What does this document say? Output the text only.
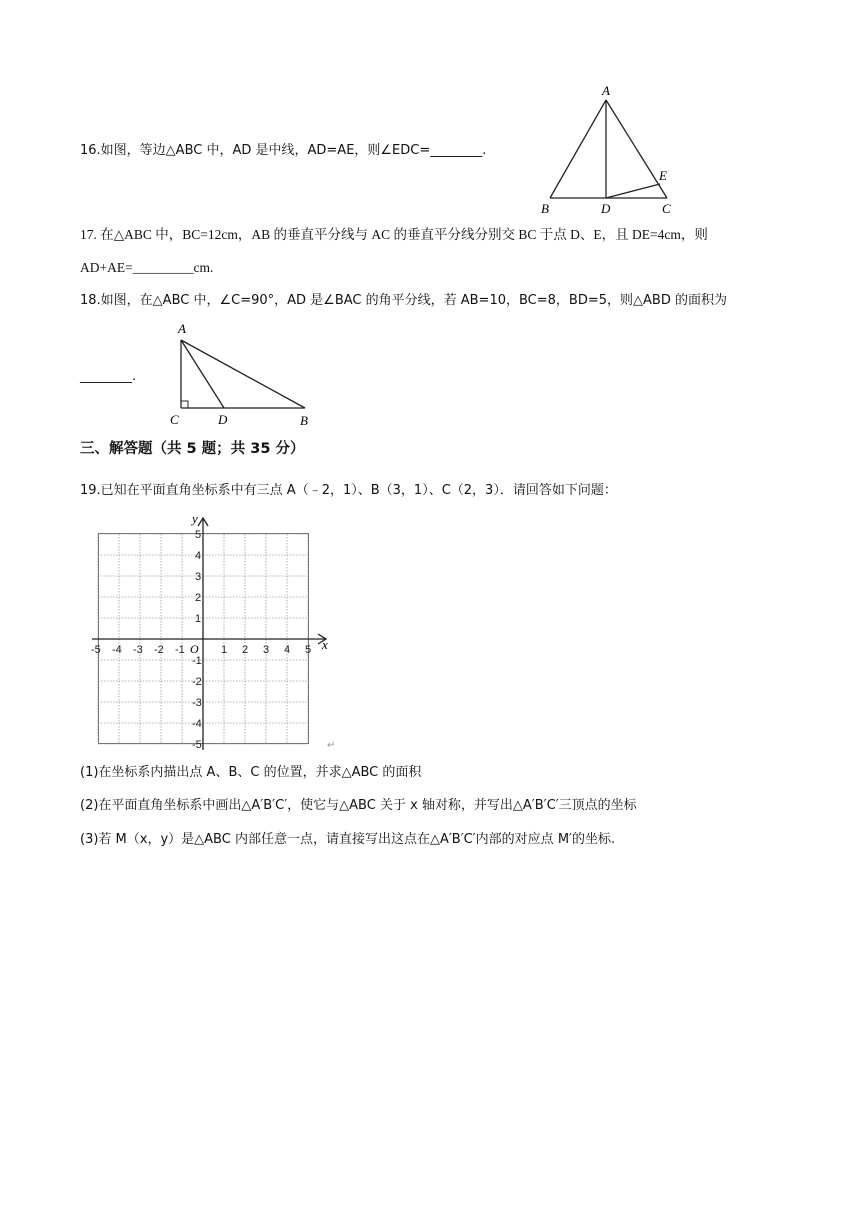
16.如图，等边△ABC 中，AD 是中线，AD=AE，则∠EDC=________.
A
B	C
D
E
17. 在△ABC 中，BC=12cm，AB 的垂直平分线与 AC 的垂直平分线分别交 BC 于点 D、E，且 DE=4cm，则
AD+AE=_________cm.
18.如图，在△ABC 中，∠C=90°，AD 是∠BAC 的角平分线，若 AB=10，BC=8，BD=5，则△ABD 的面积为
________.
A
C	D	B
三、解答题（共 5 题；共 35 分）
19.已知在平面直角坐标系中有三点 A（﹣2，1）、B（3，1）、C（2，3）．请回答如下问题：
x
y
O
-5 -4 -3 -2 -1	1 2 3 4 5
5
4
3
2
1
-1
-2
-3
-4
-5	↵
(1)在坐标系内描出点 A、B、C 的位置，并求△ABC 的面积
(2)在平面直角坐标系中画出△A′B′C′，使它与△ABC 关于 x 轴对称，并写出△A′B′C′三顶点的坐标
(3)若 M（x，y）是△ABC 内部任意一点，请直接写出这点在△A′B′C′内部的对应点 M′的坐标.
